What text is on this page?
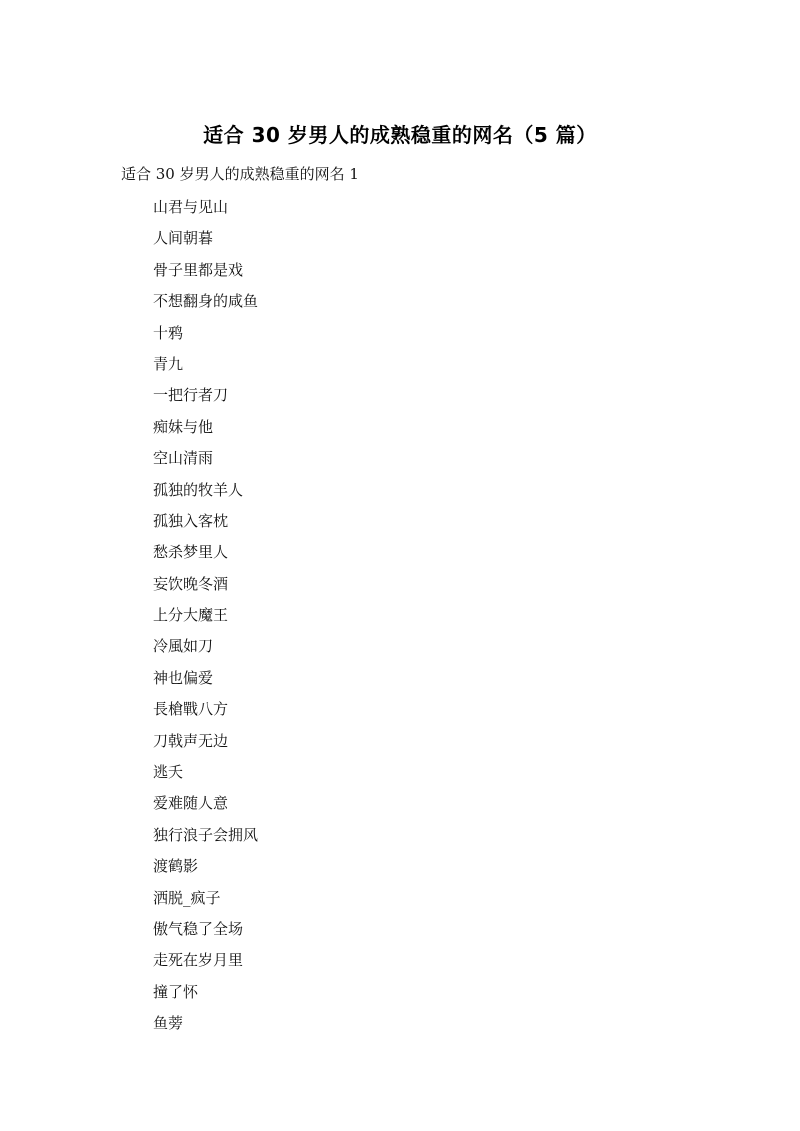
适合 30 岁男人的成熟稳重的网名（5 篇）
适合 30 岁男人的成熟稳重的网名 1
山君与见山
人间朝暮
骨子里都是戏
不想翻身的咸鱼
十鸦
青九
一把行者刀
痴妹与他
空山清雨
孤独的牧羊人
孤独入客枕
愁杀梦里人
妄饮晚冬酒
上分大魔王
冷風如刀
神也偏爱
長槍戰八方
刀戟声无边
逃夭
爱难随人意
独行浪子会拥风
渡鹤影
洒脱_疯子
傲气稳了全场
走死在岁月里
撞了怀
鱼蒡
